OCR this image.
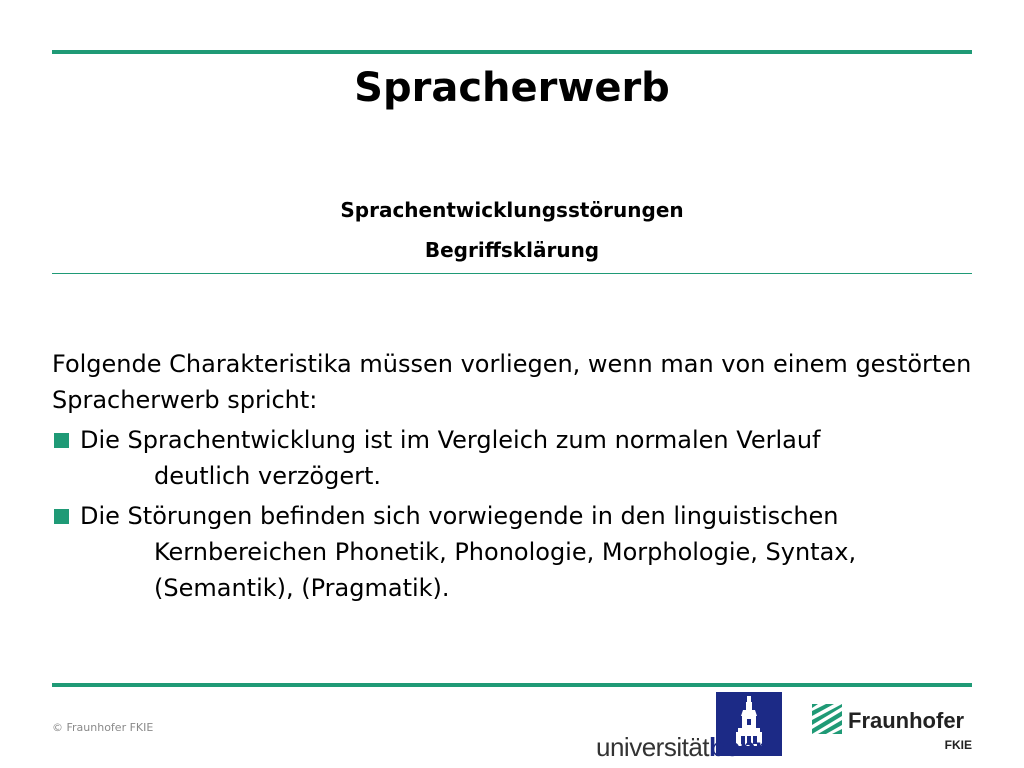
Spracherwerb
Sprachentwicklungsstörungen
Begriffsklärung

Folgende Charakteristika müssen vorliegen, wenn man von einem gestörten Spracherwerb spricht:

Die Sprachentwicklung ist im Vergleich zum normalen Verlauf
deutlich verzögert.
Die Störungen befinden sich vorwiegende in den linguistischen
Kernbereichen Phonetik, Phonologie, Morphologie, Syntax, (Semantik), (Pragmatik).
© Fraunhofer FKIE
universitätbonn
Fraunhofer
FKIE
